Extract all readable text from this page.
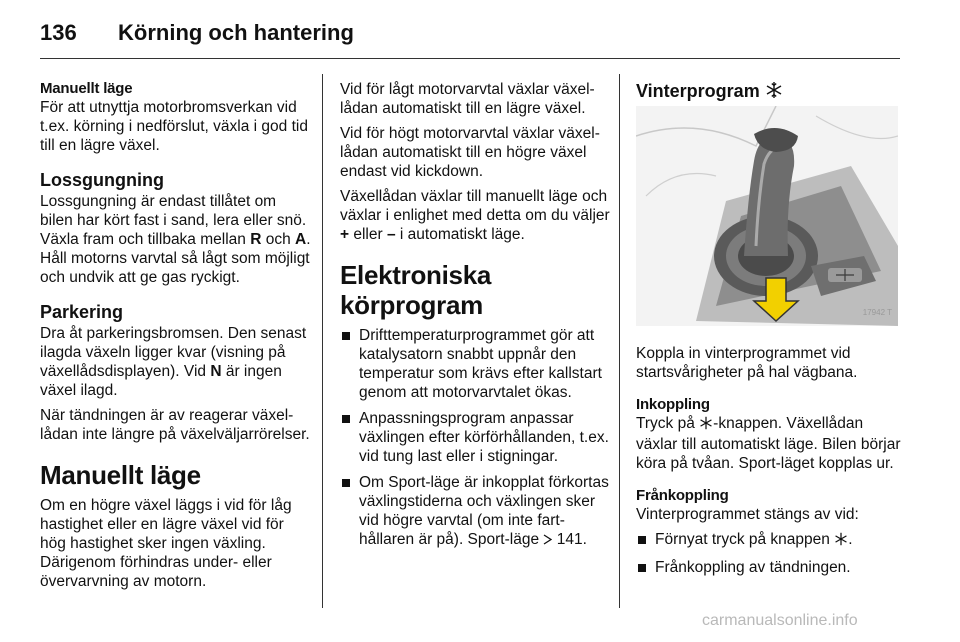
136 Körning och hantering
Manuellt läge

För att utnyttja motorbromsverkan vid t.ex. körning i nedförslut, växla i god tid till en lägre växel.

Lossgungning

Lossgungning är endast tillåtet om bilen har kört fast i sand, lera eller snö. Växla fram och tillbaka mellan R och A. Håll motorns varvtal så lågt som möjligt och undvik att ge gas ryckigt.

Parkering

Dra åt parkeringsbromsen. Den senast ilagda växeln ligger kvar (visning på växellådsdisplayen). Vid N är ingen växel ilagd.

När tändningen är av reagerar växellådan inte längre på växelväljarrörelser.

Manuellt läge

Om en högre växel läggs i vid för låg hastighet eller en lägre växel vid för hög hastighet sker ingen växling. Därigenom förhindras under- eller övervarvning av motorn.

Vid för lågt motorvarvtal växlar växellådan automatiskt till en lägre växel.

Vid för högt motorvarvtal växlar växellådan automatiskt till en högre växel endast vid kickdown.

Växellådan växlar till manuellt läge och växlar i enlighet med detta om du väljer + eller – i automatiskt läge.

Elektroniska körprogram
Drifttemperaturprogrammet gör att katalysatorn snabbt uppnår den temperatur som krävs efter kallstart genom att motorvarvtalet ökas.
Anpassningsprogram anpassar växlingen efter körförhållanden, t.ex. vid tung last eller i stigningar.
Om Sport-läge är inkopplat förkortas växlingstiderna och växlingen sker vid högre varvtal (om inte farthållaren är på). Sport-läge  141.
Vinterprogram
17942 T

Koppla in vinterprogrammet vid startsvårigheter på hal vägbana.

Inkoppling

Tryck på -knappen. Växellådan växlar till automatiskt läge. Bilen börjar köra på tvåan. Sport-läget kopplas ur.

Frånkoppling

Vinterprogrammet stängs av vid:

Förnyat tryck på knappen .
Frånkoppling av tändningen.
carmanualsonline.info
